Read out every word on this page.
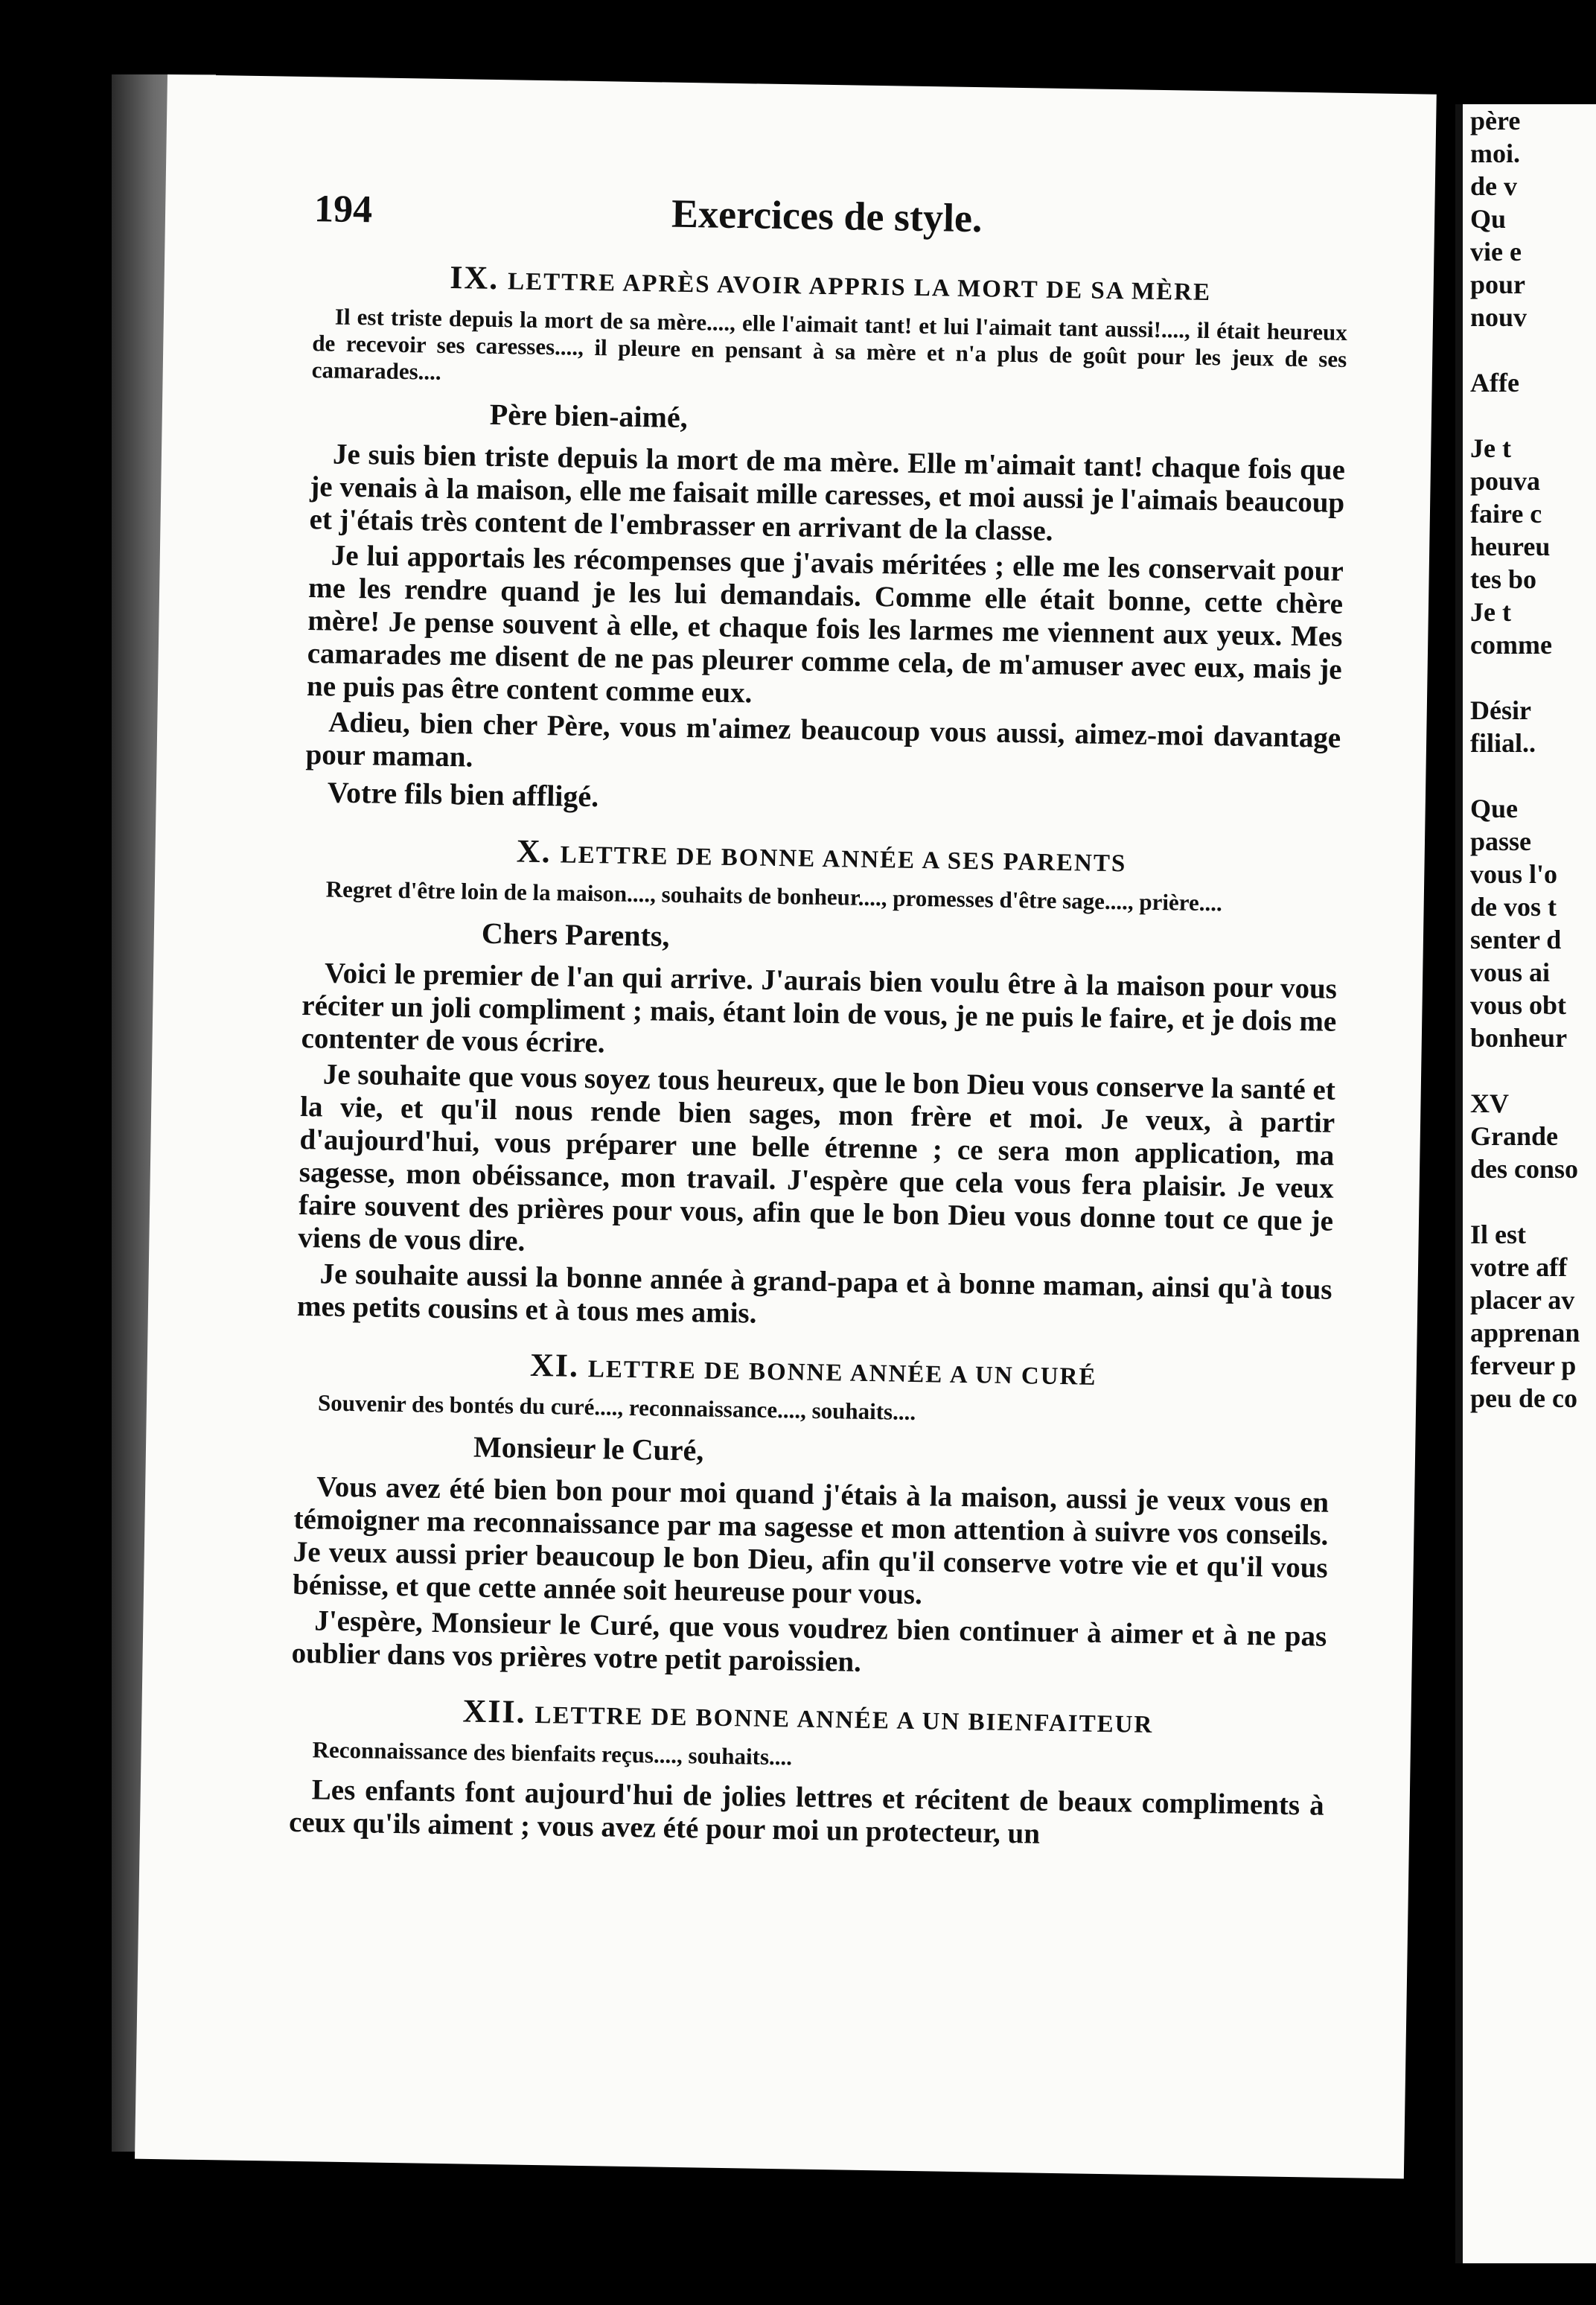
père
moi.
de v
Qu
vie e
pour
nouv

Affe

Je t
pouva
faire c
heureu
tes bo
Je t
comme

Désir
filial..

Que
passe
vous l'o
de vos t
senter d
vous ai
vous obt
bonheur

XV
Grande
des conso

Il est
votre aff
placer av
apprenan
ferveur p
peu de co
194	Exercices de style.
IX. LETTRE APRÈS AVOIR APPRIS LA MORT DE SA MÈRE

Il est triste depuis la mort de sa mère...., elle l'aimait tant! et lui l'aimait tant aussi!...., il était heureux de recevoir ses caresses...., il pleure en pensant à sa mère et n'a plus de goût pour les jeux de ses camarades....

Père bien-aimé,

Je suis bien triste depuis la mort de ma mère. Elle m'aimait tant! chaque fois que je venais à la maison, elle me faisait mille caresses, et moi aussi je l'aimais beaucoup et j'étais très content de l'embrasser en arrivant de la classe.

Je lui apportais les récompenses que j'avais méritées ; elle me les conservait pour me les rendre quand je les lui demandais. Comme elle était bonne, cette chère mère! Je pense souvent à elle, et chaque fois les larmes me viennent aux yeux. Mes camarades me disent de ne pas pleurer comme cela, de m'amuser avec eux, mais je ne puis pas être content comme eux.

Adieu, bien cher Père, vous m'aimez beaucoup vous aussi, aimez-moi davantage pour maman.

Votre fils bien affligé.
X. LETTRE DE BONNE ANNÉE A SES PARENTS

Regret d'être loin de la maison...., souhaits de bonheur...., promesses d'être sage...., prière....

Chers Parents,

Voici le premier de l'an qui arrive. J'aurais bien voulu être à la maison pour vous réciter un joli compliment ; mais, étant loin de vous, je ne puis le faire, et je dois me contenter de vous écrire.

Je souhaite que vous soyez tous heureux, que le bon Dieu vous conserve la santé et la vie, et qu'il nous rende bien sages, mon frère et moi. Je veux, à partir d'aujourd'hui, vous préparer une belle étrenne ; ce sera mon application, ma sagesse, mon obéissance, mon travail. J'espère que cela vous fera plaisir. Je veux faire souvent des prières pour vous, afin que le bon Dieu vous donne tout ce que je viens de vous dire.

Je souhaite aussi la bonne année à grand-papa et à bonne maman, ainsi qu'à tous mes petits cousins et à tous mes amis.

XI. LETTRE DE BONNE ANNÉE A UN CURÉ

Souvenir des bontés du curé...., reconnaissance...., souhaits....

Monsieur le Curé,

Vous avez été bien bon pour moi quand j'étais à la maison, aussi je veux vous en témoigner ma reconnaissance par ma sagesse et mon attention à suivre vos conseils. Je veux aussi prier beaucoup le bon Dieu, afin qu'il conserve votre vie et qu'il vous bénisse, et que cette année soit heureuse pour vous.

J'espère, Monsieur le Curé, que vous voudrez bien continuer à aimer et à ne pas oublier dans vos prières votre petit paroissien.

XII. LETTRE DE BONNE ANNÉE A UN BIENFAITEUR

Reconnaissance des bienfaits reçus...., souhaits....

Les enfants font aujourd'hui de jolies lettres et récitent de beaux compliments à ceux qu'ils aiment ; vous avez été pour moi un protecteur, un
